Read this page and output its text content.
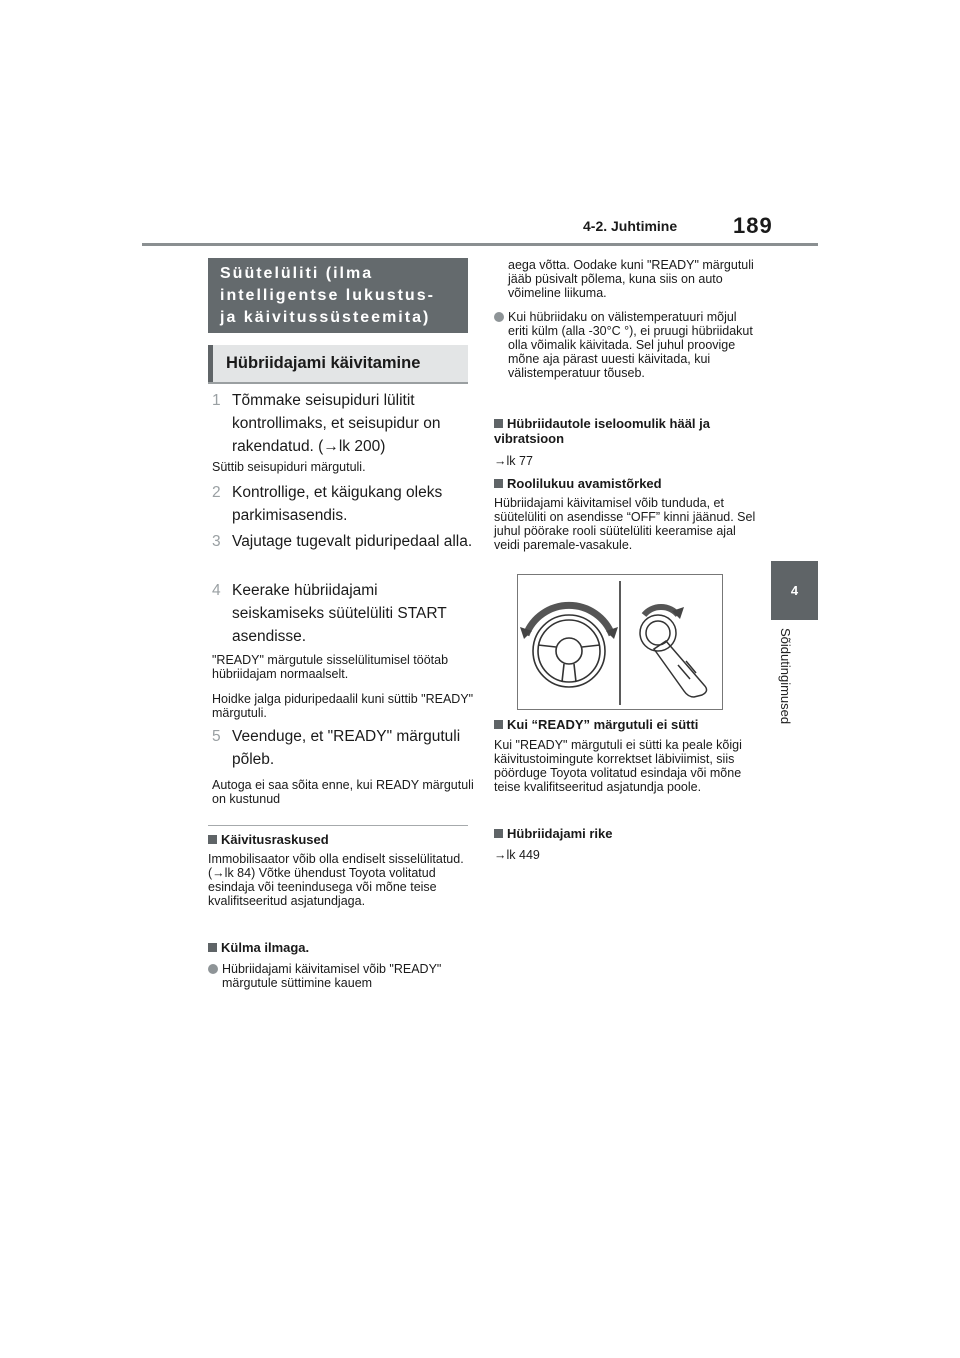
4-2. Juhtimine	189
4
Sõidutingimused
Süütelüliti (ilma intelligentse lukustus- ja käivitussüsteemita)
Hübriidajami käivitamine
1 Tõmmake seisupiduri lülitit kontrollimaks, et seisupidur on rakendatud. (→lk 200)
Süttib seisupiduri märgutuli.
2 Kontrollige, et käigukang oleks parkimisasendis.
3 Vajutage tugevalt piduripedaal alla.
4 Keerake hübriidajami seiskamiseks süütelüliti START asendisse.
"READY" märgutule sisselülitumisel töötab hübriidajam normaalselt.
Hoidke jalga piduripedaalil kuni süttib "READY" märgutuli.
5 Veenduge, et "READY" märgutuli põleb.
Autoga ei saa sõita enne, kui READY märgutuli on kustunud
Käivitusraskused
Immobilisaator võib olla endiselt sisselülitatud. (→lk 84) Võtke ühendust Toyota volitatud esindaja või teenindusega või mõne teise kvalifitseeritud asjatundjaga.
Külma ilmaga.
Hübriidajami käivitamisel võib "READY" märgutule süttimine kauem
aega võtta. Oodake kuni "READY" märgutuli jääb püsivalt põlema, kuna siis on auto võimeline liikuma.
Kui hübriidaku on välistemperatuuri mõjul eriti külm (alla -30°C °), ei pruugi hübriidakut olla võimalik käivitada. Sel juhul proovige mõne aja pärast uuesti käivitada, kui välistemperatuur tõuseb.
Hübriidautole iseloomulik hääl ja vibratsioon
→lk 77
Roolilukuu avamistõrked
Hübriidajami käivitamisel võib tunduda, et süütelüliti on asendisse “OFF” kinni jäänud. Sel juhul pöörake rooli süütelüliti keeramise ajal veidi paremale-vasakule.
Kui “READY” märgutuli ei sütti
Kui "READY" märgutuli ei sütti ka peale kõigi käivitustoimingute korrektset läbiviimist, siis pöörduge Toyota volitatud esindaja või mõne teise kvalifitseeritud asjatundja poole.
Hübriidajami rike
→lk 449
